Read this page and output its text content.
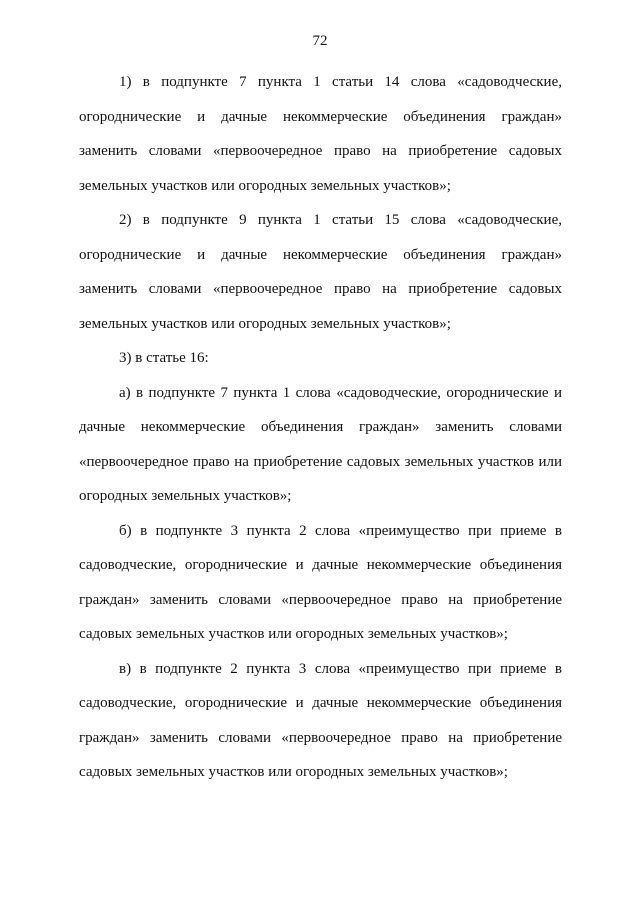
72

1) в подпункте 7 пункта 1 статьи 14 слова «садоводческие, огороднические и дачные некоммерческие объединения граждан» заменить словами «первоочередное право на приобретение садовых земельных участков или огородных земельных участков»;

2) в подпункте 9 пункта 1 статьи 15 слова «садоводческие, огороднические и дачные некоммерческие объединения граждан» заменить словами «первоочередное право на приобретение садовых земельных участков или огородных земельных участков»;

3) в статье 16:

а) в подпункте 7 пункта 1 слова «садоводческие, огороднические и дачные некоммерческие объединения граждан» заменить словами «первоочередное право на приобретение садовых земельных участков или огородных земельных участков»;

б) в подпункте 3 пункта 2 слова «преимущество при приеме в садоводческие, огороднические и дачные некоммерческие объединения граждан» заменить словами «первоочередное право на приобретение садовых земельных участков или огородных земельных участков»;

в) в подпункте 2 пункта 3 слова «преимущество при приеме в садоводческие, огороднические и дачные некоммерческие объединения граждан» заменить словами «первоочередное право на приобретение садовых земельных участков или огородных земельных участков»;
